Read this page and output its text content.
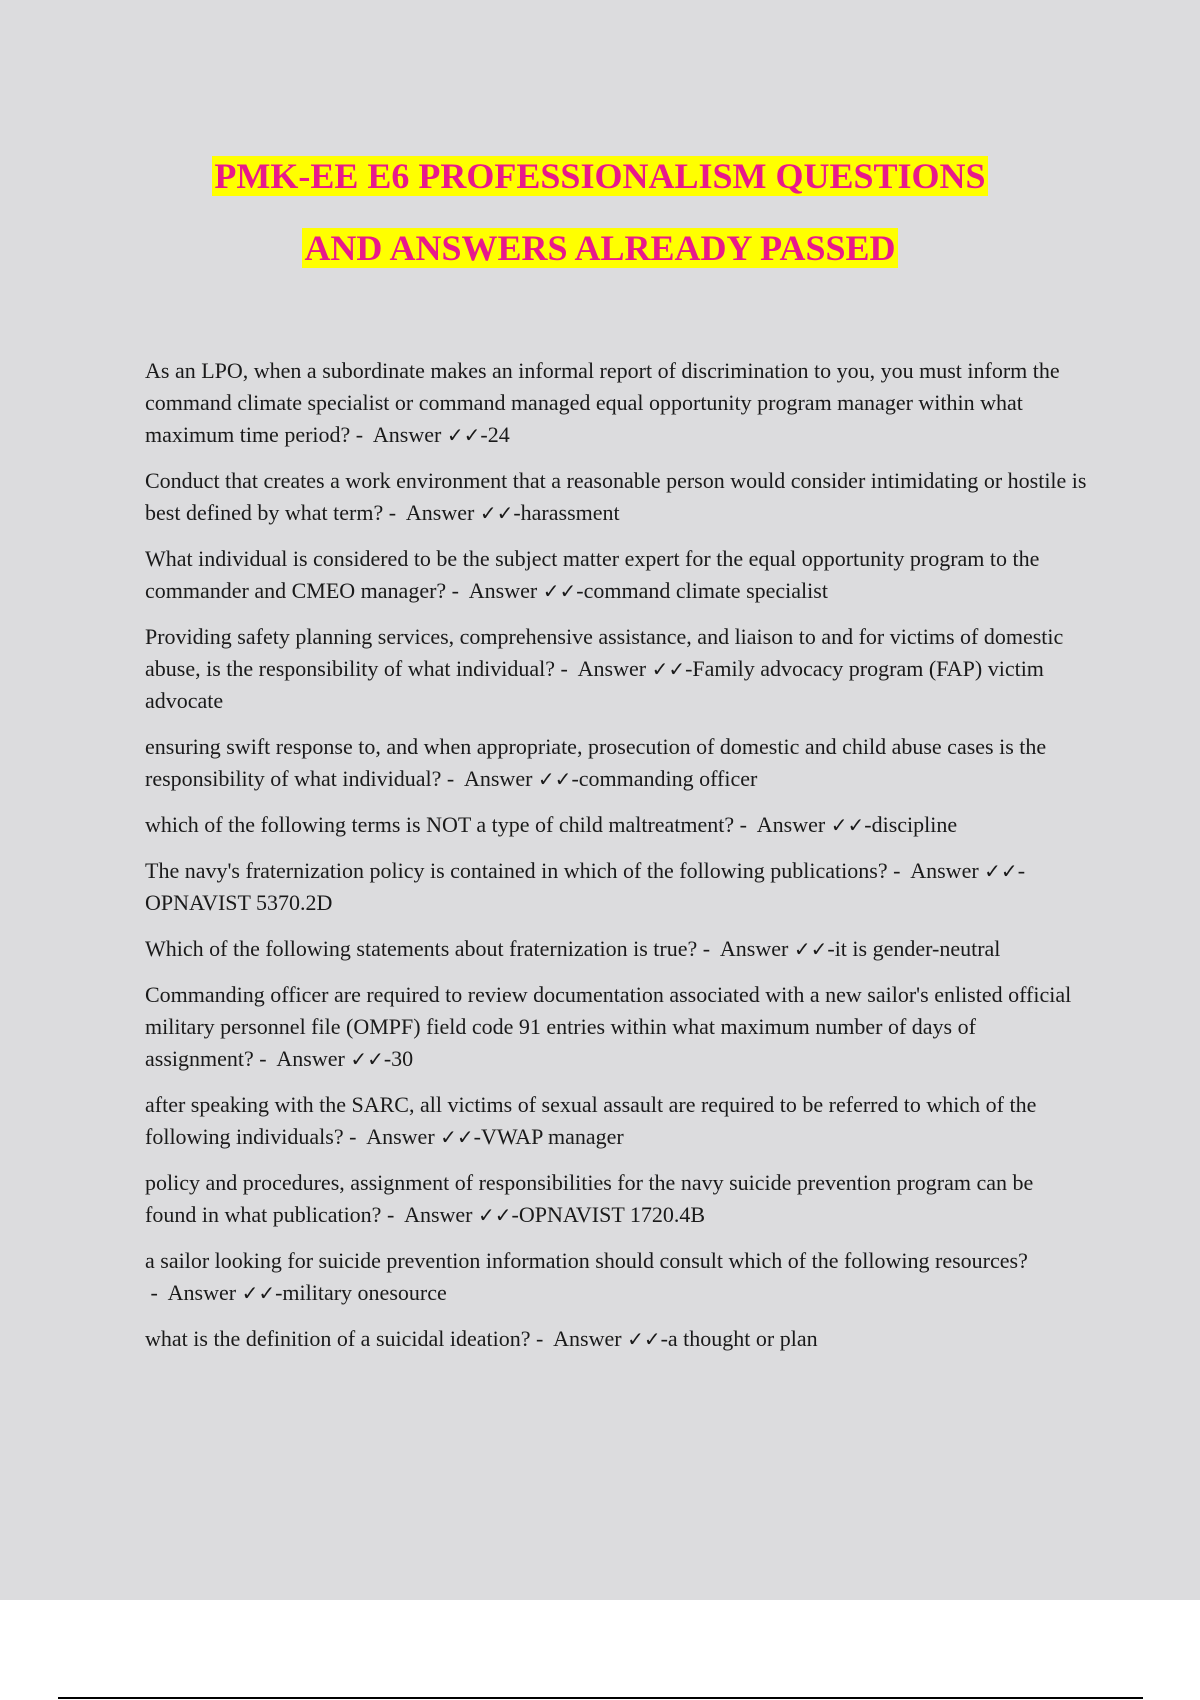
PMK-EE E6 PROFESSIONALISM QUESTIONS
AND ANSWERS ALREADY PASSED

As an LPO, when a subordinate makes an informal report of discrimination to you, you must inform the command climate specialist or command managed equal opportunity program manager within what maximum time period? -  Answer ✓✓-24

Conduct that creates a work environment that a reasonable person would consider intimidating or hostile is best defined by what term? -  Answer ✓✓-harassment

What individual is considered to be the subject matter expert for the equal opportunity program to the commander and CMEO manager? -  Answer ✓✓-command climate specialist

Providing safety planning services, comprehensive assistance, and liaison to and for victims of domestic abuse, is the responsibility of what individual? -  Answer ✓✓-Family advocacy program (FAP) victim advocate

ensuring swift response to, and when appropriate, prosecution of domestic and child abuse cases is the responsibility of what individual? -  Answer ✓✓-commanding officer

which of the following terms is NOT a type of child maltreatment? -  Answer ✓✓-discipline

The navy's fraternization policy is contained in which of the following publications? -  Answer ✓✓-OPNAVIST 5370.2D

Which of the following statements about fraternization is true? -  Answer ✓✓-it is gender-neutral

Commanding officer are required to review documentation associated with a new sailor's enlisted official military personnel file (OMPF) field code 91 entries within what maximum number of days of assignment? -  Answer ✓✓-30

after speaking with the SARC, all victims of sexual assault are required to be referred to which of the following individuals? -  Answer ✓✓-VWAP manager

policy and procedures, assignment of responsibilities for the navy suicide prevention program can be found in what publication? -  Answer ✓✓-OPNAVIST 1720.4B

a sailor looking for suicide prevention information should consult which of the following resources? -  Answer ✓✓-military onesource

what is the definition of a suicidal ideation? -  Answer ✓✓-a thought or plan
